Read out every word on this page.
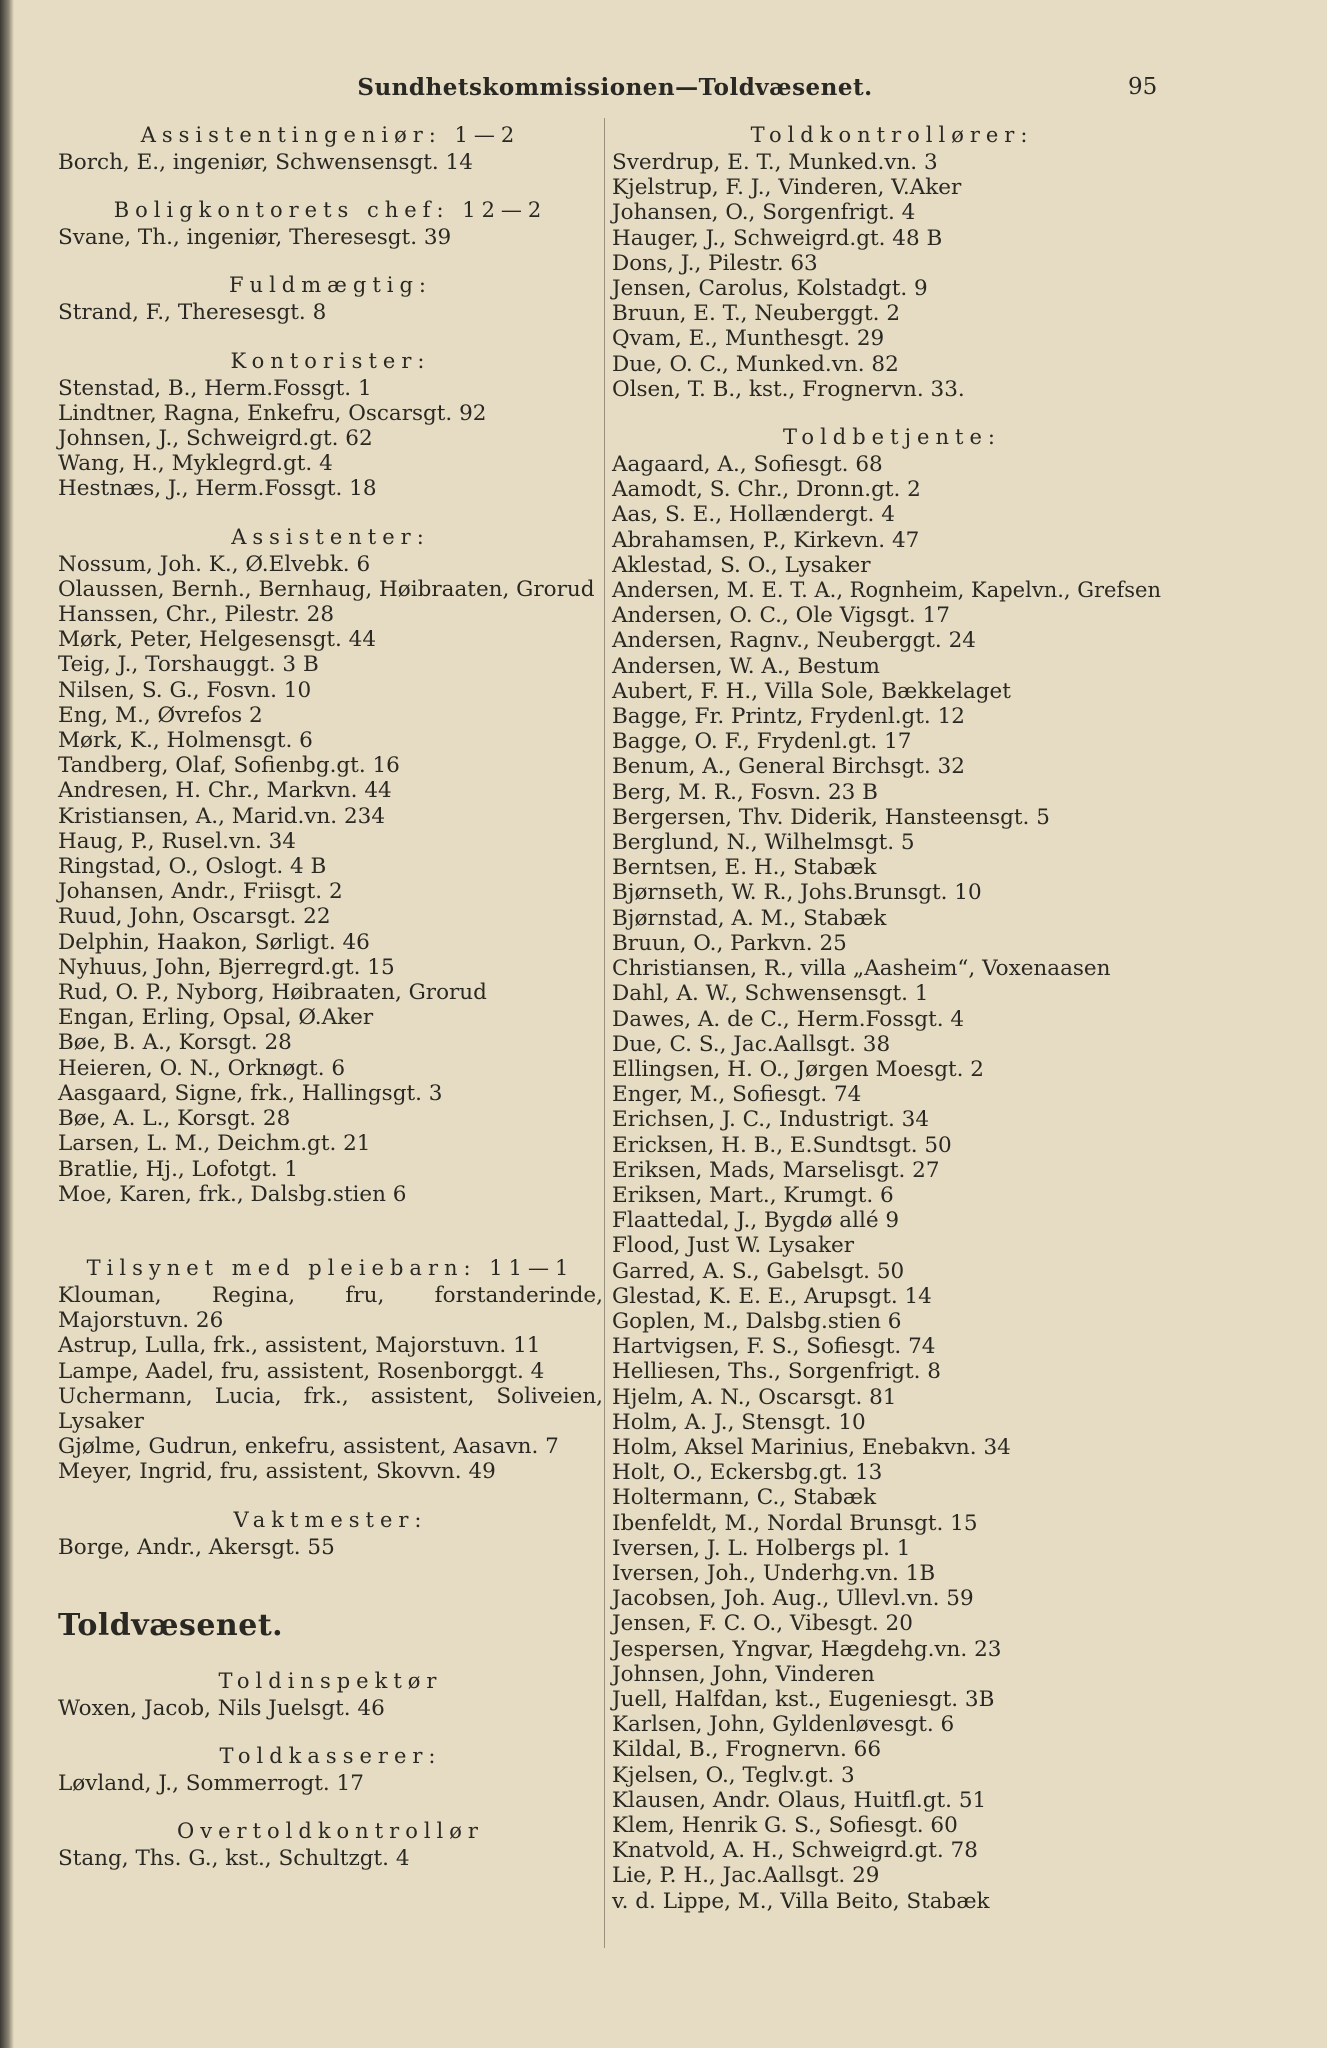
Sundhetskommissionen—Toldvæsenet.	95
Assistentingeniør: 1—2
Borch, E., ingeniør, Schwensensgt. 14
Boligkontorets chef: 12—2
Svane, Th., ingeniør, Theresesgt. 39
Fuldmægtig:
Strand, F., Theresesgt. 8
Kontorister:
Stenstad, B., Herm.Fossgt. 1
Lindtner, Ragna, Enkefru, Oscarsgt. 92
Johnsen, J., Schweigrd.gt. 62
Wang, H., Myklegrd.gt. 4
Hestnæs, J., Herm.Fossgt. 18
Assistenter:
Nossum, Joh. K., Ø.Elvebk. 6
Olaussen, Bernh., Bernhaug, Høibraaten, Grorud
Hanssen, Chr., Pilestr. 28
Mørk, Peter, Helgesensgt. 44
Teig, J., Torshauggt. 3 B
Nilsen, S. G., Fosvn. 10
Eng, M., Øvrefos 2
Mørk, K., Holmensgt. 6
Tandberg, Olaf, Sofienbg.gt. 16
Andresen, H. Chr., Markvn. 44
Kristiansen, A., Marid.vn. 234
Haug, P., Rusel.vn. 34
Ringstad, O., Oslogt. 4 B
Johansen, Andr., Friisgt. 2
Ruud, John, Oscarsgt. 22
Delphin, Haakon, Sørligt. 46
Nyhuus, John, Bjerregrd.gt. 15
Rud, O. P., Nyborg, Høibraaten, Grorud
Engan, Erling, Opsal, Ø.Aker
Bøe, B. A., Korsgt. 28
Heieren, O. N., Orknøgt. 6
Aasgaard, Signe, frk., Hallingsgt. 3
Bøe, A. L., Korsgt. 28
Larsen, L. M., Deichm.gt. 21
Bratlie, Hj., Lofotgt. 1
Moe, Karen, frk., Dalsbg.stien 6
Tilsynet med pleiebarn: 11—1
Klouman, Regina, fru, forstanderinde, Majorstuvn. 26
Astrup, Lulla, frk., assistent, Majorstuvn. 11
Lampe, Aadel, fru, assistent, Rosenborggt. 4
Uchermann, Lucia, frk., assistent, Soliveien, Lysaker
Gjølme, Gudrun, enkefru, assistent, Aasavn. 7
Meyer, Ingrid, fru, assistent, Skovvn. 49
Vaktmester:
Borge, Andr., Akersgt. 55
Toldvæsenet.
Toldinspektør
Woxen, Jacob, Nils Juelsgt. 46
Toldkasserer:
Løvland, J., Sommerrogt. 17
Overtoldkontrollør
Stang, Ths. G., kst., Schultzgt. 4
Toldkontrollører:
Sverdrup, E. T., Munked.vn. 3
Kjelstrup, F. J., Vinderen, V.Aker
Johansen, O., Sorgenfrigt. 4
Hauger, J., Schweigrd.gt. 48 B
Dons, J., Pilestr. 63
Jensen, Carolus, Kolstadgt. 9
Bruun, E. T., Neuberggt. 2
Qvam, E., Munthesgt. 29
Due, O. C., Munked.vn. 82
Olsen, T. B., kst., Frognervn. 33.
Toldbetjente:
Aagaard, A., Sofiesgt. 68
Aamodt, S. Chr., Dronn.gt. 2
Aas, S. E., Hollændergt. 4
Abrahamsen, P., Kirkevn. 47
Aklestad, S. O., Lysaker
Andersen, M. E. T. A., Rognheim, Kapelvn., Grefsen
Andersen, O. C., Ole Vigsgt. 17
Andersen, Ragnv., Neuberggt. 24
Andersen, W. A., Bestum
Aubert, F. H., Villa Sole, Bækkelaget
Bagge, Fr. Printz, Frydenl.gt. 12
Bagge, O. F., Frydenl.gt. 17
Benum, A., General Birchsgt. 32
Berg, M. R., Fosvn. 23 B
Bergersen, Thv. Diderik, Hansteensgt. 5
Berglund, N., Wilhelmsgt. 5
Berntsen, E. H., Stabæk
Bjørnseth, W. R., Johs.Brunsgt. 10
Bjørnstad, A. M., Stabæk
Bruun, O., Parkvn. 25
Christiansen, R., villa „Aasheim“, Voxenaasen
Dahl, A. W., Schwensensgt. 1
Dawes, A. de C., Herm.Fossgt. 4
Due, C. S., Jac.Aallsgt. 38
Ellingsen, H. O., Jørgen Moesgt. 2
Enger, M., Sofiesgt. 74
Erichsen, J. C., Industrigt. 34
Ericksen, H. B., E.Sundtsgt. 50
Eriksen, Mads, Marselisgt. 27
Eriksen, Mart., Krumgt. 6
Flaattedal, J., Bygdø allé 9
Flood, Just W. Lysaker
Garred, A. S., Gabelsgt. 50
Glestad, K. E. E., Arupsgt. 14
Goplen, M., Dalsbg.stien 6
Hartvigsen, F. S., Sofiesgt. 74
Helliesen, Ths., Sorgenfrigt. 8
Hjelm, A. N., Oscarsgt. 81
Holm, A. J., Stensgt. 10
Holm, Aksel Marinius, Enebakvn. 34
Holt, O., Eckersbg.gt. 13
Holtermann, C., Stabæk
Ibenfeldt, M., Nordal Brunsgt. 15
Iversen, J. L. Holbergs pl. 1
Iversen, Joh., Underhg.vn. 1B
Jacobsen, Joh. Aug., Ullevl.vn. 59
Jensen, F. C. O., Vibesgt. 20
Jespersen, Yngvar, Hægdehg.vn. 23
Johnsen, John, Vinderen
Juell, Halfdan, kst., Eugeniesgt. 3B
Karlsen, John, Gyldenløvesgt. 6
Kildal, B., Frognervn. 66
Kjelsen, O., Teglv.gt. 3
Klausen, Andr. Olaus, Huitfl.gt. 51
Klem, Henrik G. S., Sofiesgt. 60
Knatvold, A. H., Schweigrd.gt. 78
Lie, P. H., Jac.Aallsgt. 29
v. d. Lippe, M., Villa Beito, Stabæk
